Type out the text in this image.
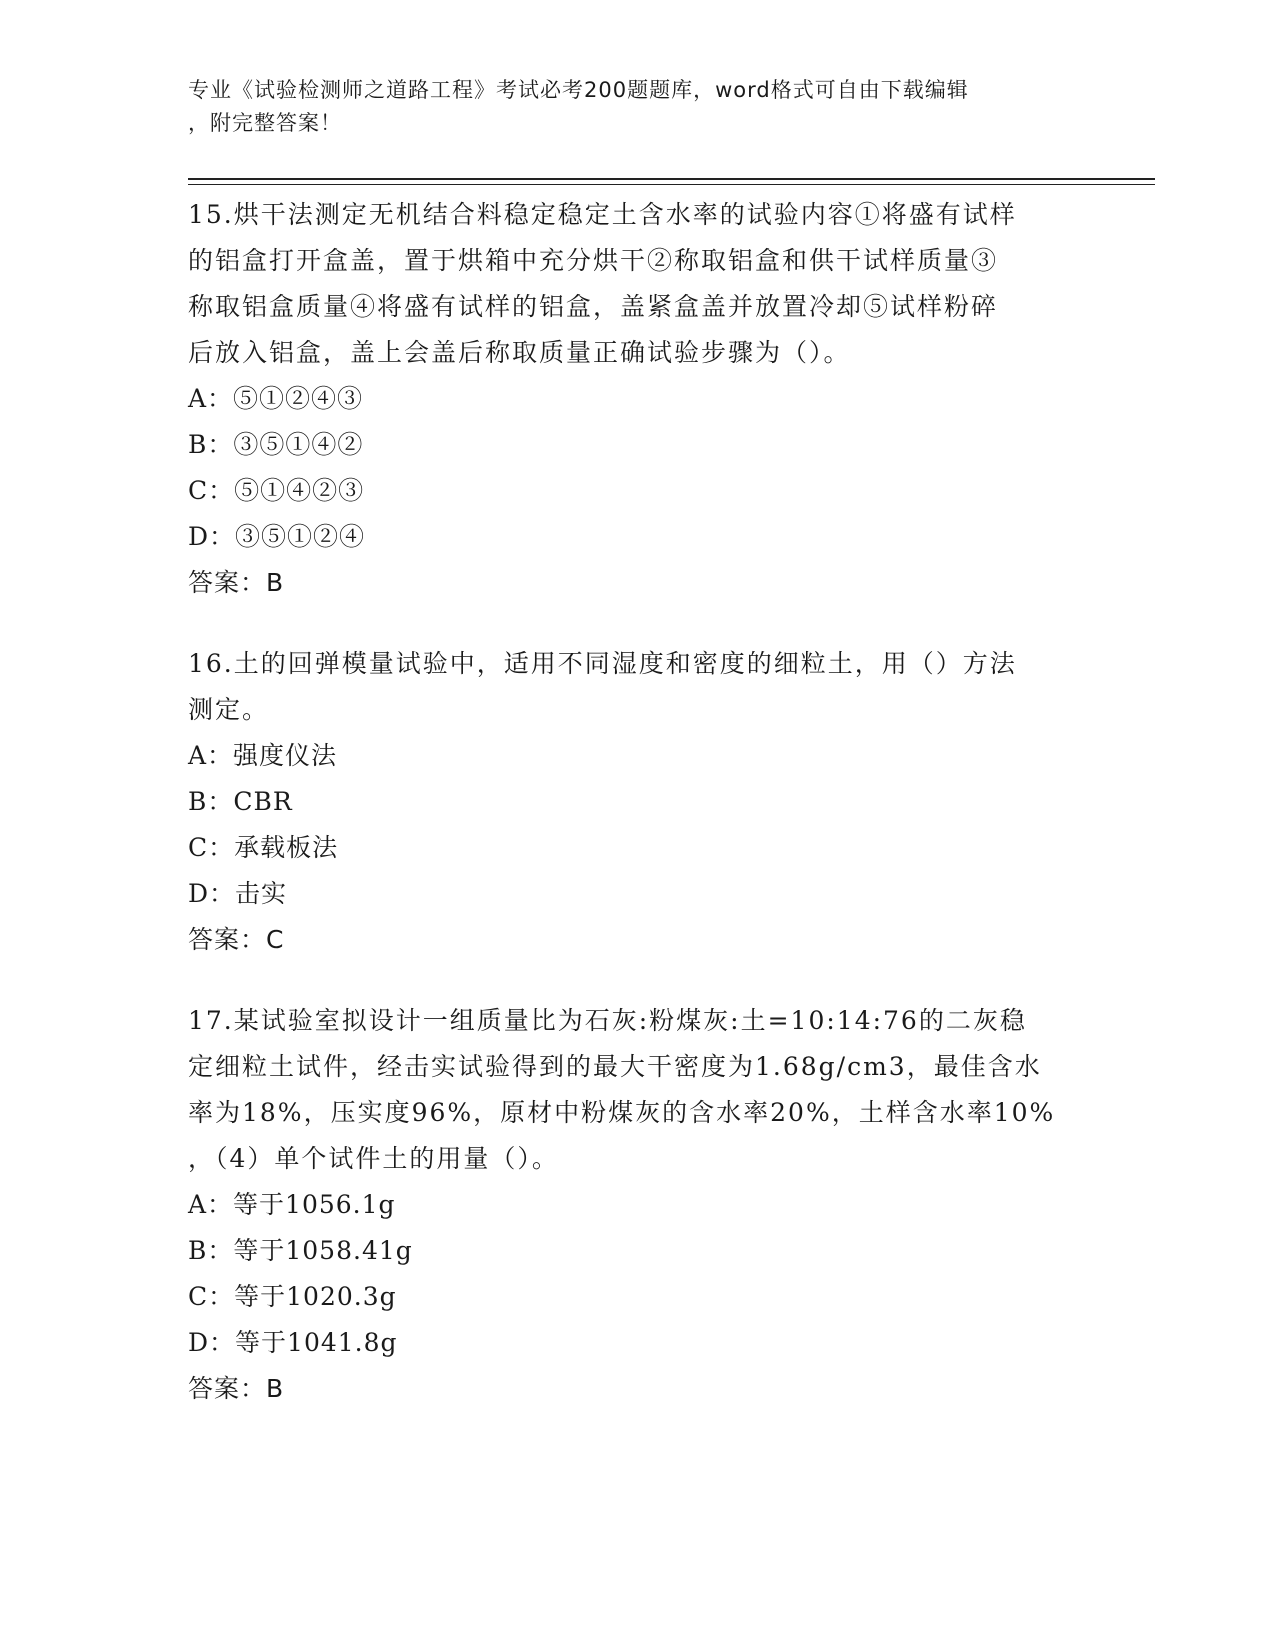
专业《试验检测师之道路工程》考试必考200题题库，word格式可自由下载编辑
，附完整答案！
15.烘干法测定无机结合料稳定稳定土含水率的试验内容①将盛有试样
的铝盒打开盒盖，置于烘箱中充分烘干②称取铝盒和供干试样质量③
称取铝盒质量④将盛有试样的铝盒，盖紧盒盖并放置冷却⑤试样粉碎
后放入铝盒，盖上会盖后称取质量正确试验步骤为（）。
A：⑤①②④③
B：③⑤①④②
C：⑤①④②③
D：③⑤①②④
答案：B
16.土的回弹模量试验中，适用不同湿度和密度的细粒土，用（）方法
测定。
A：强度仪法
B：CBR
C：承载板法
D：击实
答案：C
17.某试验室拟设计一组质量比为石灰:粉煤灰:土=10:14:76的二灰稳
定细粒土试件，经击实试验得到的最大干密度为1.68g/cm3，最佳含水
率为18%，压实度96%，原材中粉煤灰的含水率20%，土样含水率10%
，（4）单个试件土的用量（）。
A：等于1056.1g
B：等于1058.41g
C：等于1020.3g
D：等于1041.8g
答案：B
